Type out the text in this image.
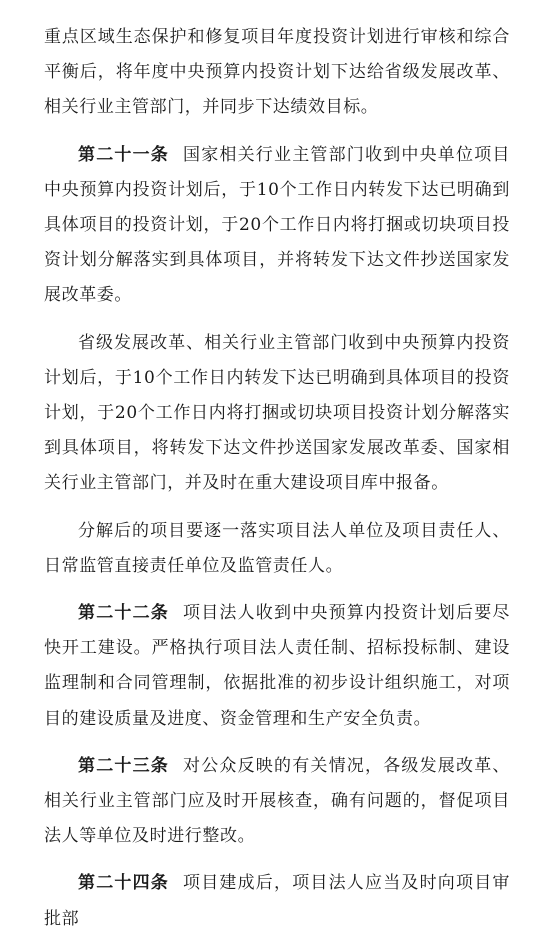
重点区域生态保护和修复项目年度投资计划进行审核和综合平衡后，将年度中央预算内投资计划下达给省级发展改革、相关行业主管部门，并同步下达绩效目标。

第二十一条 国家相关行业主管部门收到中央单位项目中央预算内投资计划后，于10个工作日内转发下达已明确到具体项目的投资计划，于20个工作日内将打捆或切块项目投资计划分解落实到具体项目，并将转发下达文件抄送国家发展改革委。

省级发展改革、相关行业主管部门收到中央预算内投资计划后，于10个工作日内转发下达已明确到具体项目的投资计划，于20个工作日内将打捆或切块项目投资计划分解落实到具体项目，将转发下达文件抄送国家发展改革委、国家相关行业主管部门，并及时在重大建设项目库中报备。

分解后的项目要逐一落实项目法人单位及项目责任人、日常监管直接责任单位及监管责任人。

第二十二条 项目法人收到中央预算内投资计划后要尽快开工建设。严格执行项目法人责任制、招标投标制、建设监理制和合同管理制，依据批准的初步设计组织施工，对项目的建设质量及进度、资金管理和生产安全负责。

第二十三条 对公众反映的有关情况，各级发展改革、相关行业主管部门应及时开展核查，确有问题的，督促项目法人等单位及时进行整改。

第二十四条 项目建成后，项目法人应当及时向项目审批部
